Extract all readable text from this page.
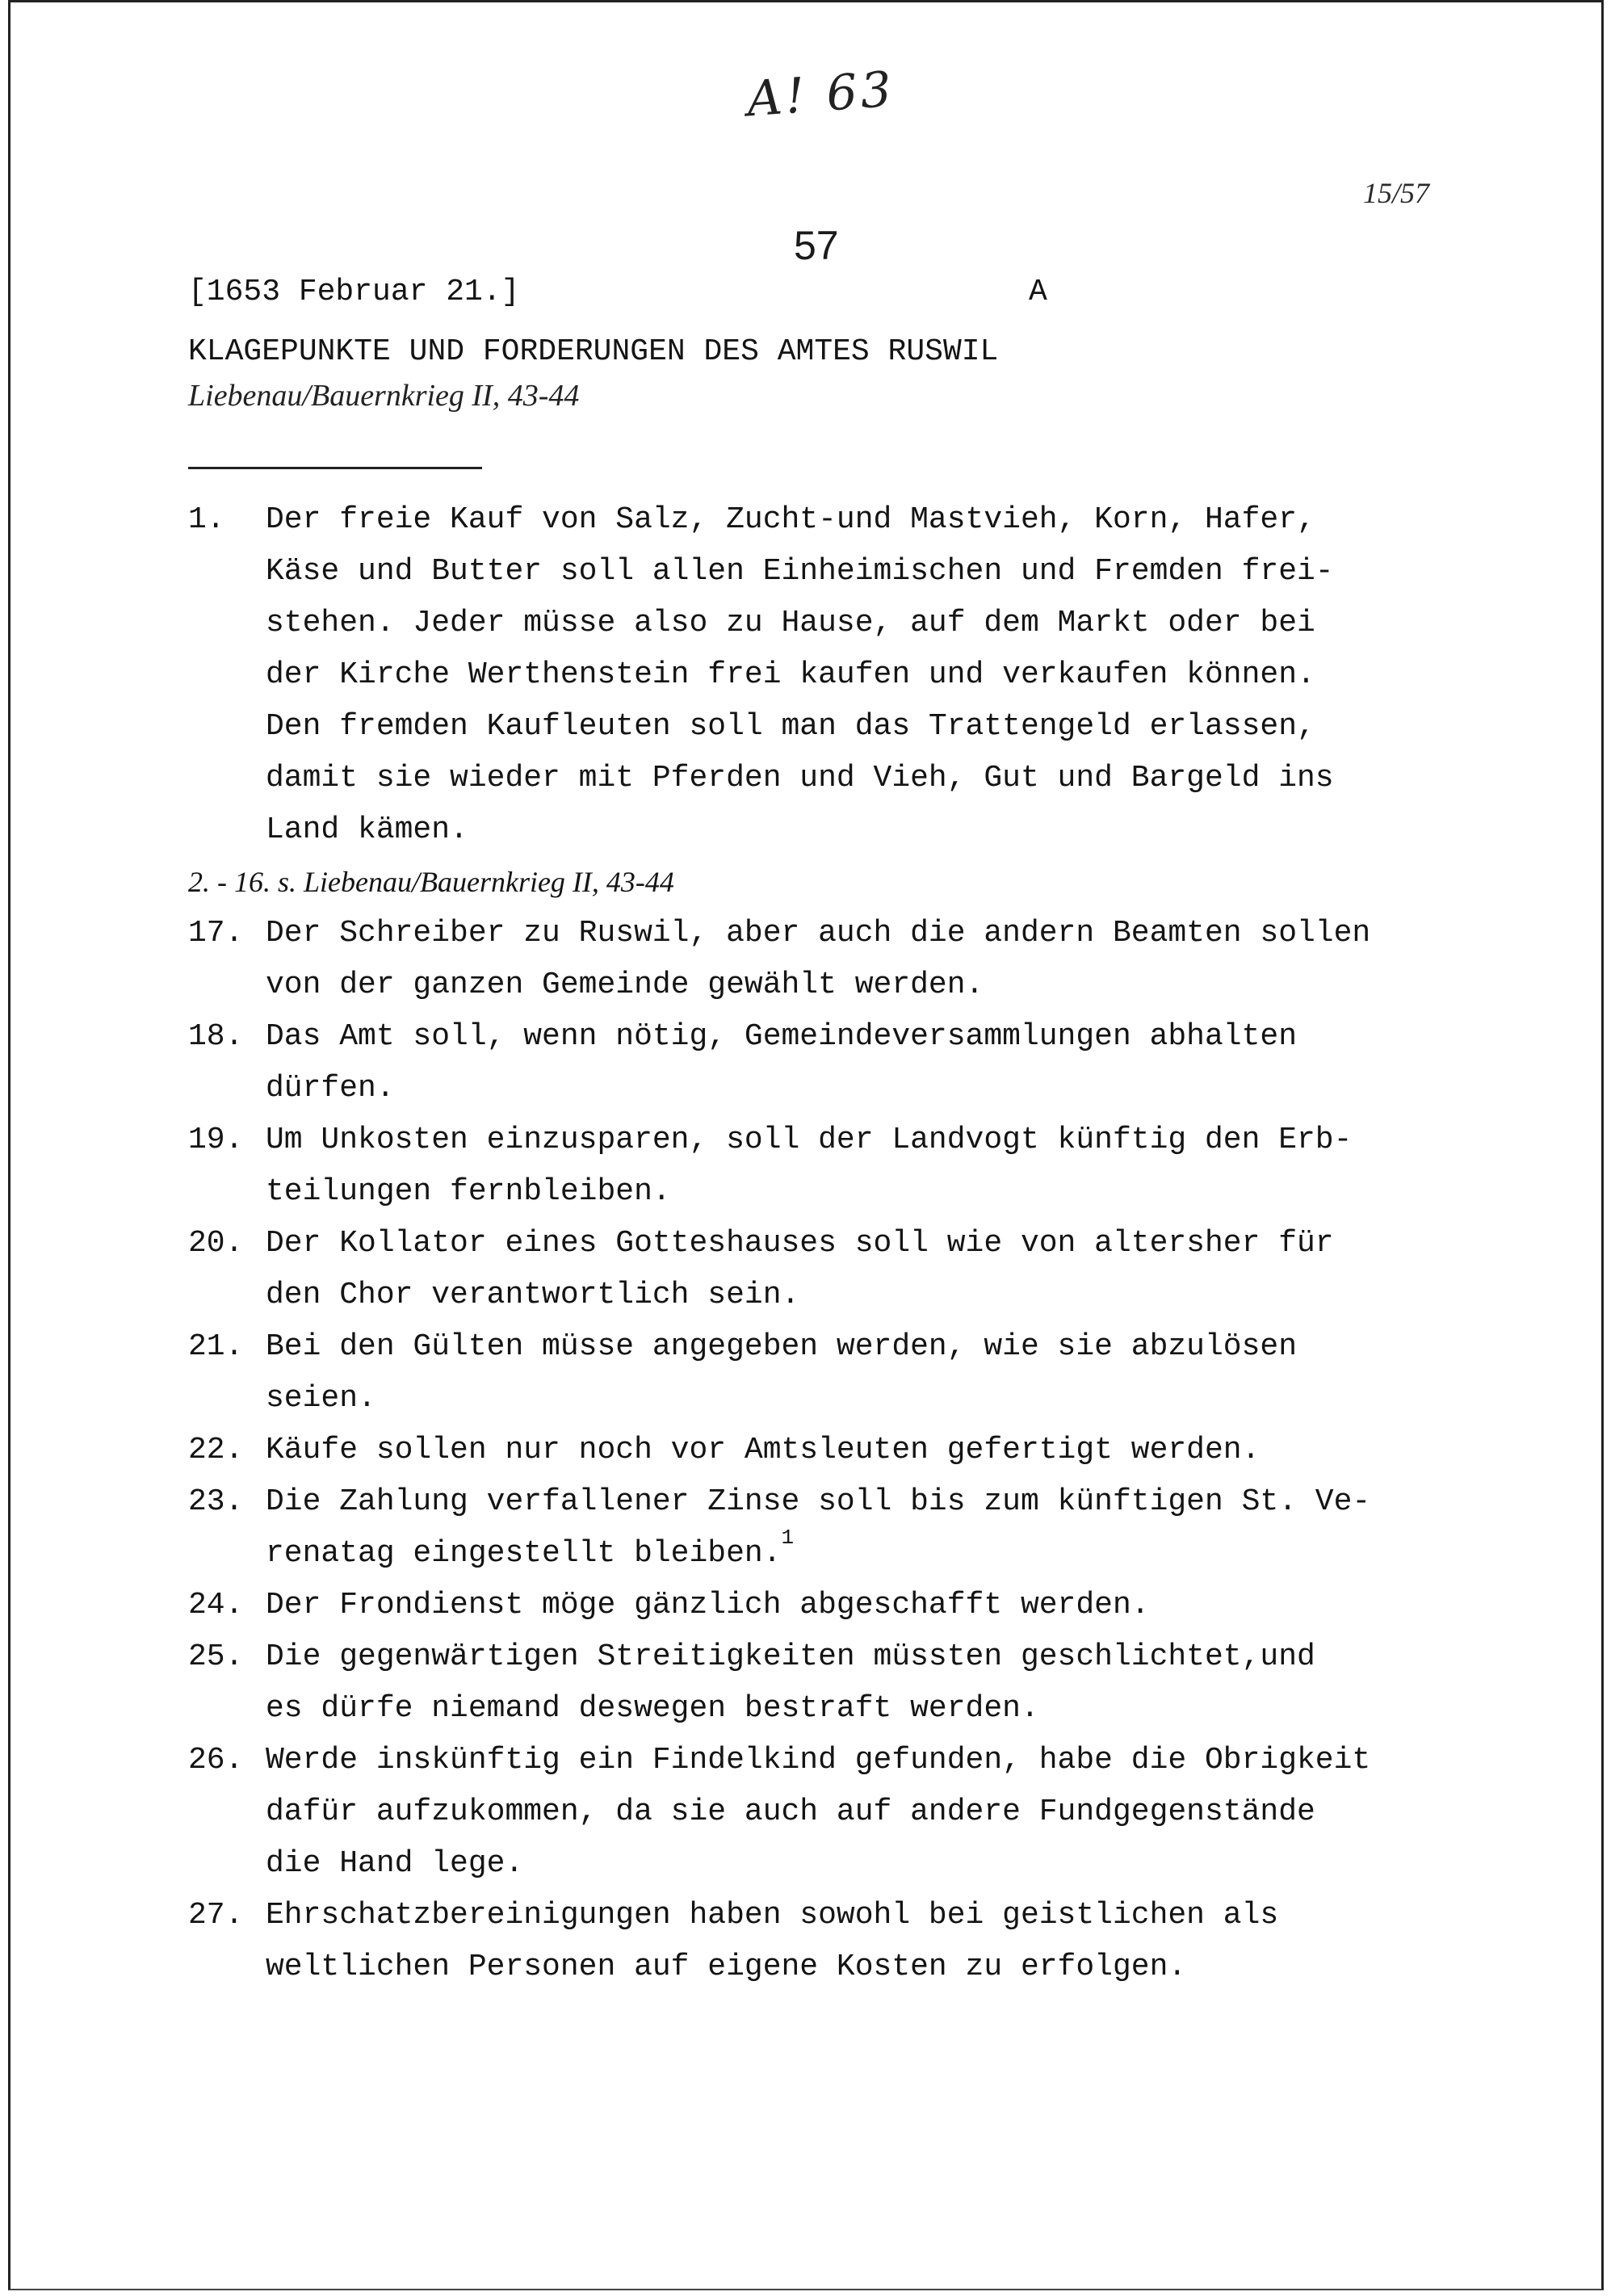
A! 63
15/57
57
[1653 Februar 21.]	A
KLAGEPUNKTE UND FORDERUNGEN DES AMTES RUSWIL
Liebenau/Bauernkrieg II, 43-44
1. Der freie Kauf von Salz, Zucht-und Mastvieh, Korn, Hafer,
Käse und Butter soll allen Einheimischen und Fremden frei-
stehen. Jeder müsse also zu Hause, auf dem Markt oder bei
der Kirche Werthenstein frei kaufen und verkaufen können.
Den fremden Kaufleuten soll man das Trattengeld erlassen,
damit sie wieder mit Pferden und Vieh, Gut und Bargeld ins
Land kämen.
2. - 16. s. Liebenau/Bauernkrieg II, 43-44
17. Der Schreiber zu Ruswil, aber auch die andern Beamten sollen
von der ganzen Gemeinde gewählt werden.
18. Das Amt soll, wenn nötig, Gemeindeversammlungen abhalten
dürfen.
19. Um Unkosten einzusparen, soll der Landvogt künftig den Erb-
teilungen fernbleiben.
20. Der Kollator eines Gotteshauses soll wie von altersher für
den Chor verantwortlich sein.
21. Bei den Gülten müsse angegeben werden, wie sie abzulösen
seien.
22. Käufe sollen nur noch vor Amtsleuten gefertigt werden.
23. Die Zahlung verfallener Zinse soll bis zum künftigen St. Ve-
renatag eingestellt bleiben.$^1$
24. Der Frondienst möge gänzlich abgeschafft werden.
25. Die gegenwärtigen Streitigkeiten müssten geschlichtet,und
es dürfe niemand deswegen bestraft werden.
26. Werde inskünftig ein Findelkind gefunden, habe die Obrigkeit
dafür aufzukommen, da sie auch auf andere Fundgegenstände
die Hand lege.
27. Ehrschatzbereinigungen haben sowohl bei geistlichen als
weltlichen Personen auf eigene Kosten zu erfolgen.
